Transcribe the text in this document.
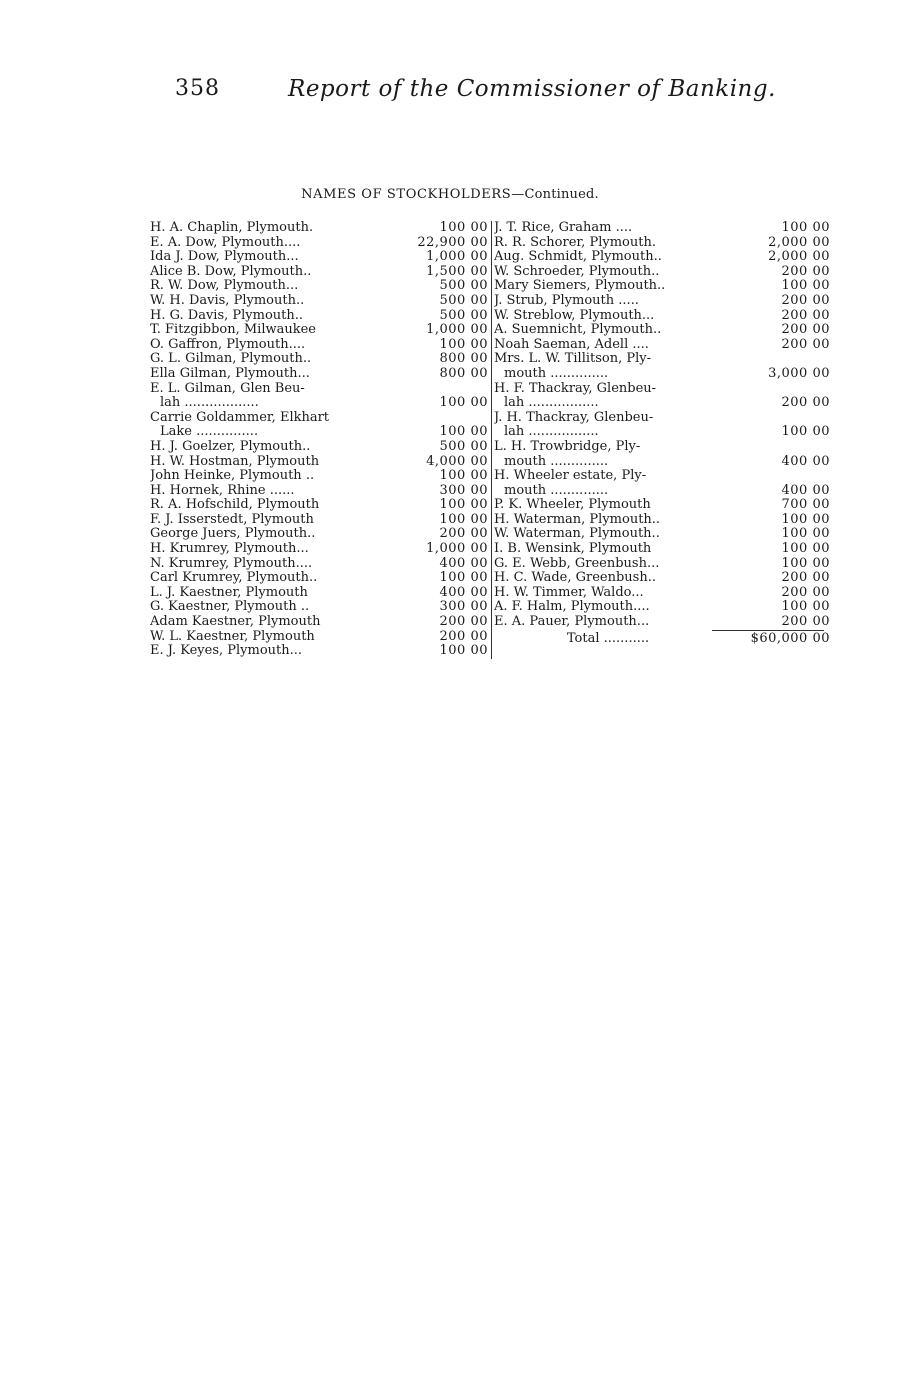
358	Report of the Commissioner of Banking.
NAMES OF STOCKHOLDERS—Continued.
H. A. Chaplin, Plymouth.	100 00
E. A. Dow, Plymouth....	22,900 00
Ida J. Dow, Plymouth...	1,000 00
Alice B. Dow, Plymouth..	1,500 00
R. W. Dow, Plymouth...	500 00
W. H. Davis, Plymouth..	500 00
H. G. Davis, Plymouth..	500 00
T. Fitzgibbon, Milwaukee	1,000 00
O. Gaffron, Plymouth....	100 00
G. L. Gilman, Plymouth..	800 00
Ella Gilman, Plymouth...	800 00
E. L. Gilman, Glen Beu-
lah ..................	100 00
Carrie Goldammer, Elkhart
Lake ...............	100 00
H. J. Goelzer, Plymouth..	500 00
H. W. Hostman, Plymouth	4,000 00
John Heinke, Plymouth ..	100 00
H. Hornek, Rhine ......	300 00
R. A. Hofschild, Plymouth	100 00
F. J. Isserstedt, Plymouth	100 00
George Juers, Plymouth..	200 00
H. Krumrey, Plymouth...	1,000 00
N. Krumrey, Plymouth....	400 00
Carl Krumrey, Plymouth..	100 00
L. J. Kaestner, Plymouth	400 00
G. Kaestner, Plymouth ..	300 00
Adam Kaestner, Plymouth	200 00
W. L. Kaestner, Plymouth	200 00
E. J. Keyes, Plymouth...	100 00
J. T. Rice, Graham ....	100 00
R. R. Schorer, Plymouth.	2,000 00
Aug. Schmidt, Plymouth..	2,000 00
W. Schroeder, Plymouth..	200 00
Mary Siemers, Plymouth..	100 00
J. Strub, Plymouth .....	200 00
W. Streblow, Plymouth...	200 00
A. Suemnicht, Plymouth..	200 00
Noah Saeman, Adell ....	200 00
Mrs. L. W. Tillitson, Ply-
mouth ..............	3,000 00
H. F. Thackray, Glenbeu-
lah .................	200 00
J. H. Thackray, Glenbeu-
lah .................	100 00
L. H. Trowbridge, Ply-
mouth ..............	400 00
H. Wheeler estate, Ply-
mouth ..............	400 00
P. K. Wheeler, Plymouth	700 00
H. Waterman, Plymouth..	100 00
W. Waterman, Plymouth..	100 00
I. B. Wensink, Plymouth	100 00
G. E. Webb, Greenbush...	100 00
H. C. Wade, Greenbush..	200 00
H. W. Timmer, Waldo...	200 00
A. F. Halm, Plymouth....	100 00
E. A. Pauer, Plymouth...	200 00
Total ...........	$60,000 00
